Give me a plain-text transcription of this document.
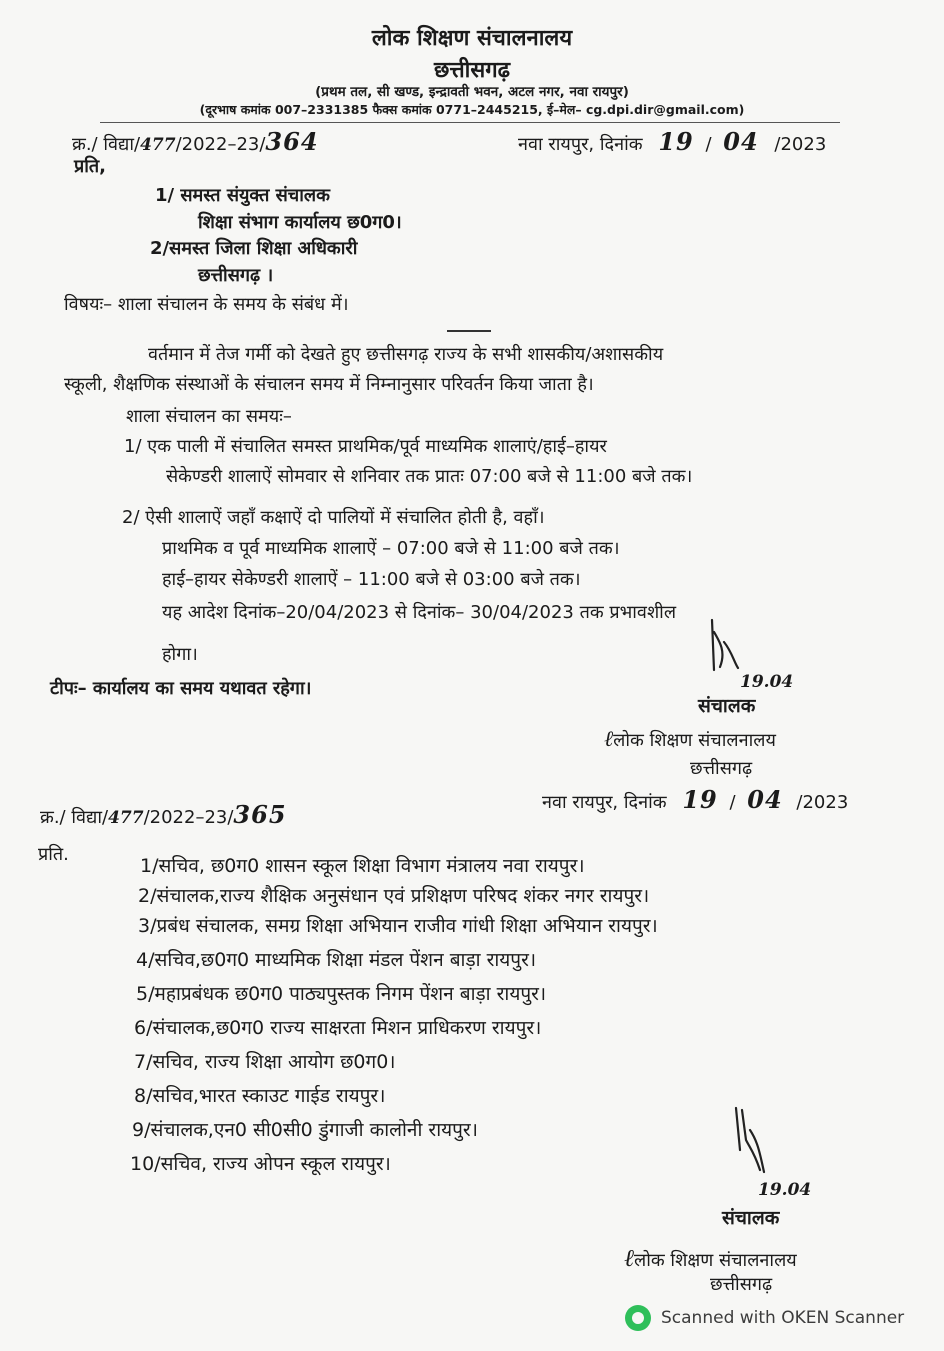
लोक शिक्षण संचालनालय
छत्तीसगढ़
(प्रथम तल, सी खण्ड, इन्द्रावती भवन, अटल नगर, नवा रायपुर)
(दूरभाष कमांक 007–2331385 फैक्स कमांक 0771–2445215, ई–मेल– cg.dpi.dir@gmail.com)
क्र./ विद्या/477/2022–23/364	नवा रायपुर, दिनांक 19 / 04 /2023
प्रति,
1/ समस्त संयुक्त संचालक
शिक्षा संभाग कार्यालय छ0ग0।
2/समस्त जिला शिक्षा अधिकारी
छत्तीसगढ़ ।
विषयः– शाला संचालन के समय के संबंध में।
वर्तमान में तेज गर्मी को देखते हुए छत्तीसगढ़ राज्य के सभी शासकीय/अशासकीय
स्कूली, शैक्षणिक संस्थाओं के संचालन समय में निम्नानुसार परिवर्तन किया जाता है।
शाला संचालन का समयः–
1/ एक पाली में संचालित समस्त प्राथमिक/पूर्व माध्यमिक शालाएं/हाई–हायर
सेकेण्डरी शालाऐं सोमवार से शनिवार तक प्रातः 07:00 बजे से 11:00 बजे तक।
2/ ऐसी शालाऐं जहाँ कक्षाऐं दो पालियों में संचालित होती है, वहाँ।
प्राथमिक व पूर्व माध्यमिक शालाऐं – 07:00 बजे से 11:00 बजे तक।
हाई–हायर सेकेण्डरी शालाऐं – 11:00 बजे से 03:00 बजे तक।
यह आदेश दिनांक–20/04/2023 से दिनांक– 30/04/2023 तक प्रभावशील
होगा।
टीपः– कार्यालय का समय यथावत रहेगा।	19.04
संचालक
ℓलोक शिक्षण संचालनालय
छत्तीसगढ़
नवा रायपुर, दिनांक 19 / 04 /2023
क्र./ विद्या/477/2022–23/365
प्रति.
1/सचिव, छ0ग0 शासन स्कूल शिक्षा विभाग मंत्रालय नवा रायपुर।
2/संचालक,राज्य शैक्षिक अनुसंधान एवं प्रशिक्षण परिषद शंकर नगर रायपुर।
3/प्रबंध संचालक, समग्र शिक्षा अभियान राजीव गांधी शिक्षा अभियान रायपुर।
4/सचिव,छ0ग0 माध्यमिक शिक्षा मंडल पेंशन बाड़ा रायपुर।
5/महाप्रबंधक छ0ग0 पाठ्यपुस्तक निगम पेंशन बाड़ा रायपुर।
6/संचालक,छ0ग0 राज्य साक्षरता मिशन प्राधिकरण रायपुर।
7/सचिव, राज्य शिक्षा आयोग छ0ग0।
8/सचिव,भारत स्काउट गाईड रायपुर।
9/संचालक,एन0 सी0सी0 डुंगाजी कालोनी रायपुर।
10/सचिव, राज्य ओपन स्कूल रायपुर।
19.04
संचालक
ℓलोक शिक्षण संचालनालय
छत्तीसगढ़
Scanned with OKEN Scanner
